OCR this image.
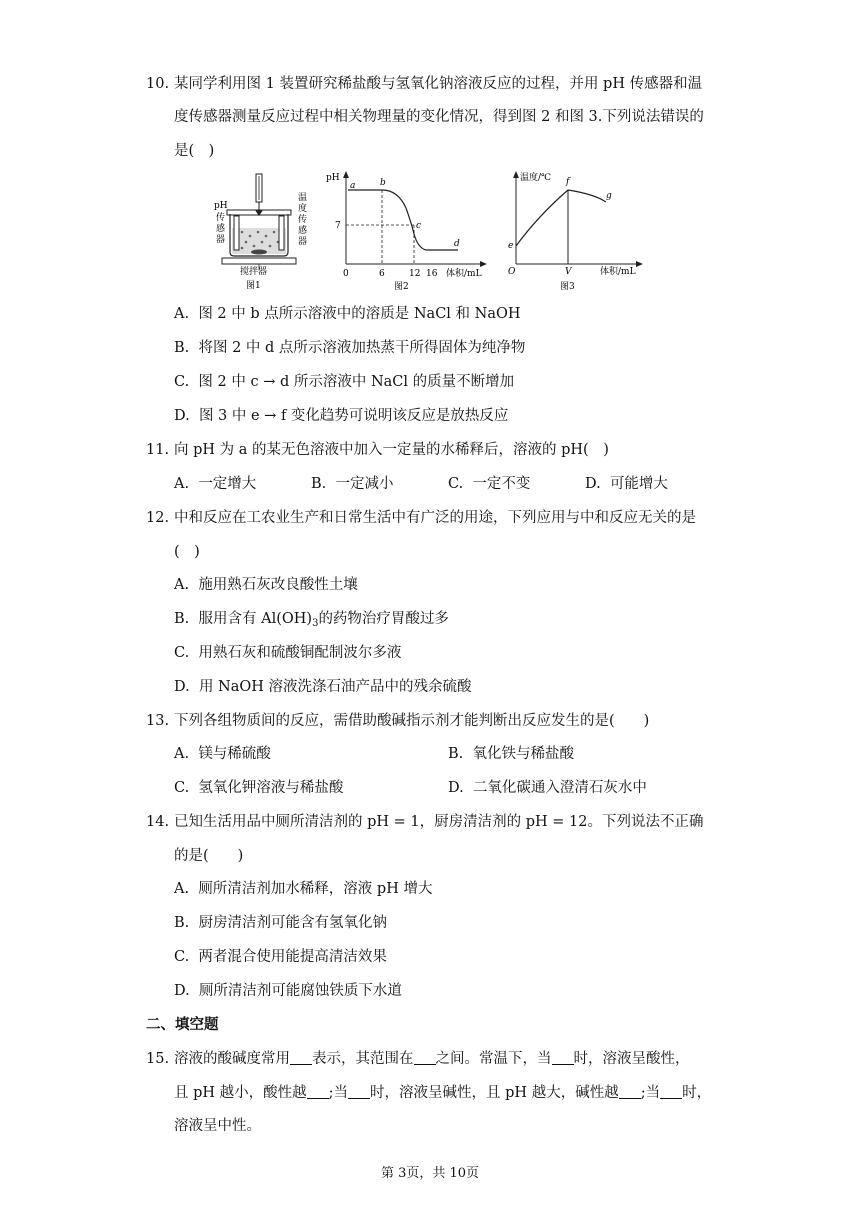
10. 某同学利用图 1 装置研究稀盐酸与氢氧化钠溶液反应的过程，并用 pH 传感器和温
度传感器测量反应过程中相关物理量的变化情况，得到图 2 和图 3.下列说法错误的
是(　)
pH
传
感
器
温
度
传
感
器
搅拌器
图1
pH
7
a	b
c
d
0	6	12 16 体积/mL
图2
温度/℃
e
f
g
O	V	体积/mL
图3
A. 图 2 中 b 点所示溶液中的溶质是 NaCl 和 NaOH
B. 将图 2 中 d 点所示溶液加热蒸干所得固体为纯净物
C. 图 2 中 c → d 所示溶液中 NaCl 的质量不断增加
D. 图 3 中 e → f 变化趋势可说明该反应是放热反应
11. 向 pH 为 a 的某无色溶液中加入一定量的水稀释后，溶液的 pH(　)
A. 一定增大	B. 一定减小	C. 一定不变	D. 可能增大
12. 中和反应在工农业生产和日常生活中有广泛的用途，下列应用与中和反应无关的是
(　)
A. 施用熟石灰改良酸性土壤
B. 服用含有 $Al(OH)_3$的药物治疗胃酸过多
C. 用熟石灰和硫酸铜配制波尔多液
D. 用 NaOH 溶液洗涤石油产品中的残余硫酸
13. 下列各组物质间的反应，需借助酸碱指示剂才能判断出反应发生的是(　　)
A. 镁与稀硫酸	B. 氧化铁与稀盐酸
C. 氢氧化钾溶液与稀盐酸	D. 二氧化碳通入澄清石灰水中
14. 已知生活用品中厕所清洁剂的 pH = 1，厨房清洁剂的 pH = 12。下列说法不正确
的是(　　)
A. 厕所清洁剂加水稀释，溶液 pH 增大
B. 厨房清洁剂可能含有氢氧化钠
C. 两者混合使用能提高清洁效果
D. 厕所清洁剂可能腐蚀铁质下水道
二、填空题
15. 溶液的酸碱度常用 表示，其范围在 之间。常温下，当 时，溶液呈酸性，
且 pH 越小，酸性越 ;当 时，溶液呈碱性，且 pH 越大，碱性越 ;当 时，
溶液呈中性。
第 3页，共 10页
